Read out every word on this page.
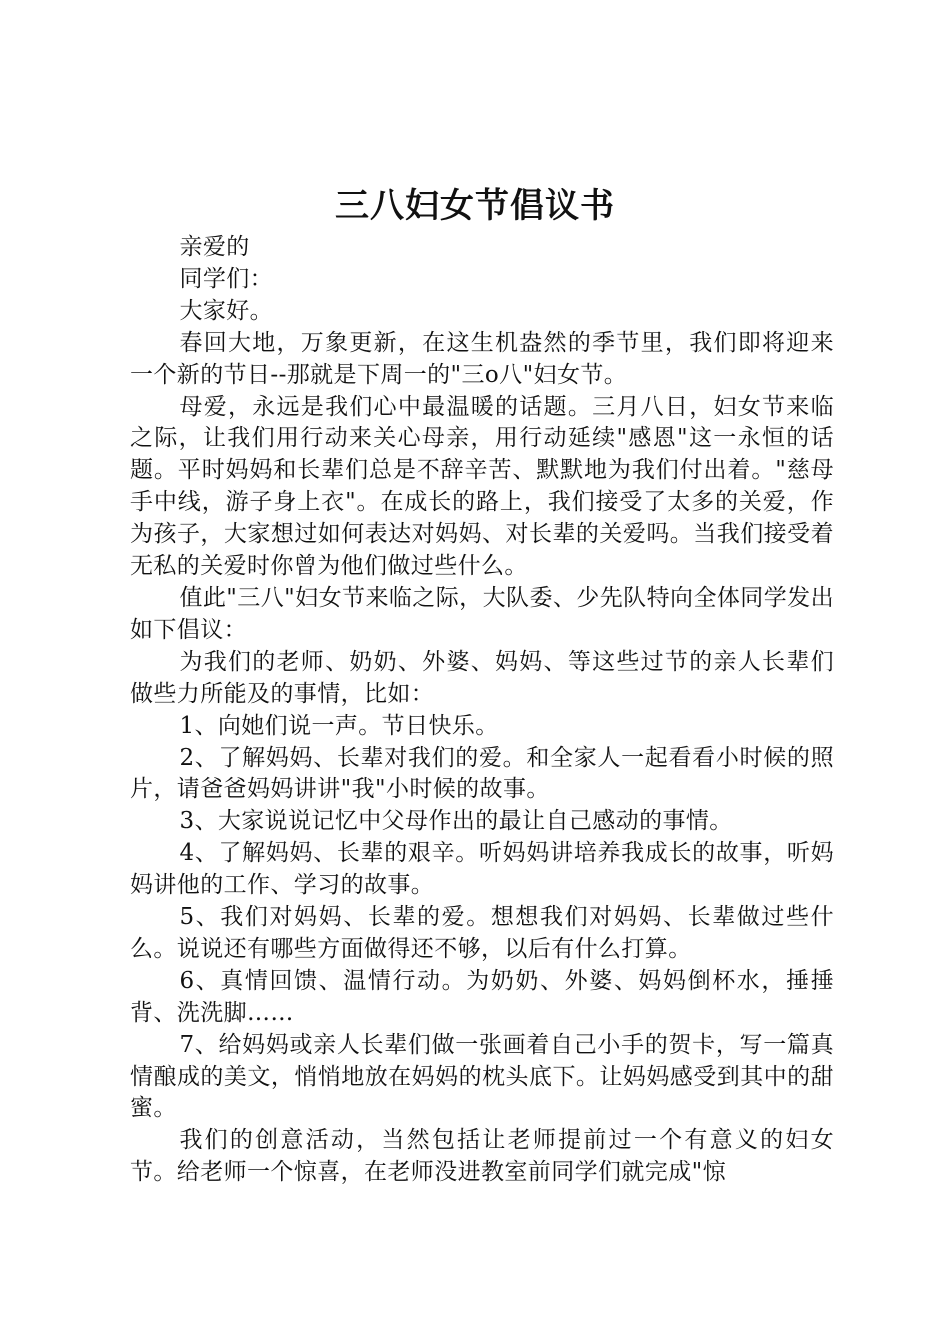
三八妇女节倡议书

亲爱的

同学们：

大家好。

春回大地，万象更新，在这生机盎然的季节里，我们即将迎来一个新的节日--那就是下周一的"三o八"妇女节。

母爱，永远是我们心中最温暖的话题。三月八日，妇女节来临之际，让我们用行动来关心母亲，用行动延续"感恩"这一永恒的话题。平时妈妈和长辈们总是不辞辛苦、默默地为我们付出着。"慈母手中线，游子身上衣"。在成长的路上，我们接受了太多的关爱，作为孩子，大家想过如何表达对妈妈、对长辈的关爱吗。当我们接受着无私的关爱时你曾为他们做过些什么。

值此"三八"妇女节来临之际，大队委、少先队特向全体同学发出如下倡议：

为我们的老师、奶奶、外婆、妈妈、等这些过节的亲人长辈们做些力所能及的事情，比如：

1、向她们说一声。节日快乐。

2、了解妈妈、长辈对我们的爱。和全家人一起看看小时候的照片，请爸爸妈妈讲讲"我"小时候的故事。

3、大家说说记忆中父母作出的最让自己感动的事情。

4、了解妈妈、长辈的艰辛。听妈妈讲培养我成长的故事，听妈妈讲他的工作、学习的故事。

5、我们对妈妈、长辈的爱。想想我们对妈妈、长辈做过些什么。说说还有哪些方面做得还不够，以后有什么打算。

6、真情回馈、温情行动。为奶奶、外婆、妈妈倒杯水，捶捶背、洗洗脚……

7、给妈妈或亲人长辈们做一张画着自己小手的贺卡，写一篇真情酿成的美文，悄悄地放在妈妈的枕头底下。让妈妈感受到其中的甜蜜。

我们的创意活动，当然包括让老师提前过一个有意义的妇女节。给老师一个惊喜，在老师没进教室前同学们就完成"惊
